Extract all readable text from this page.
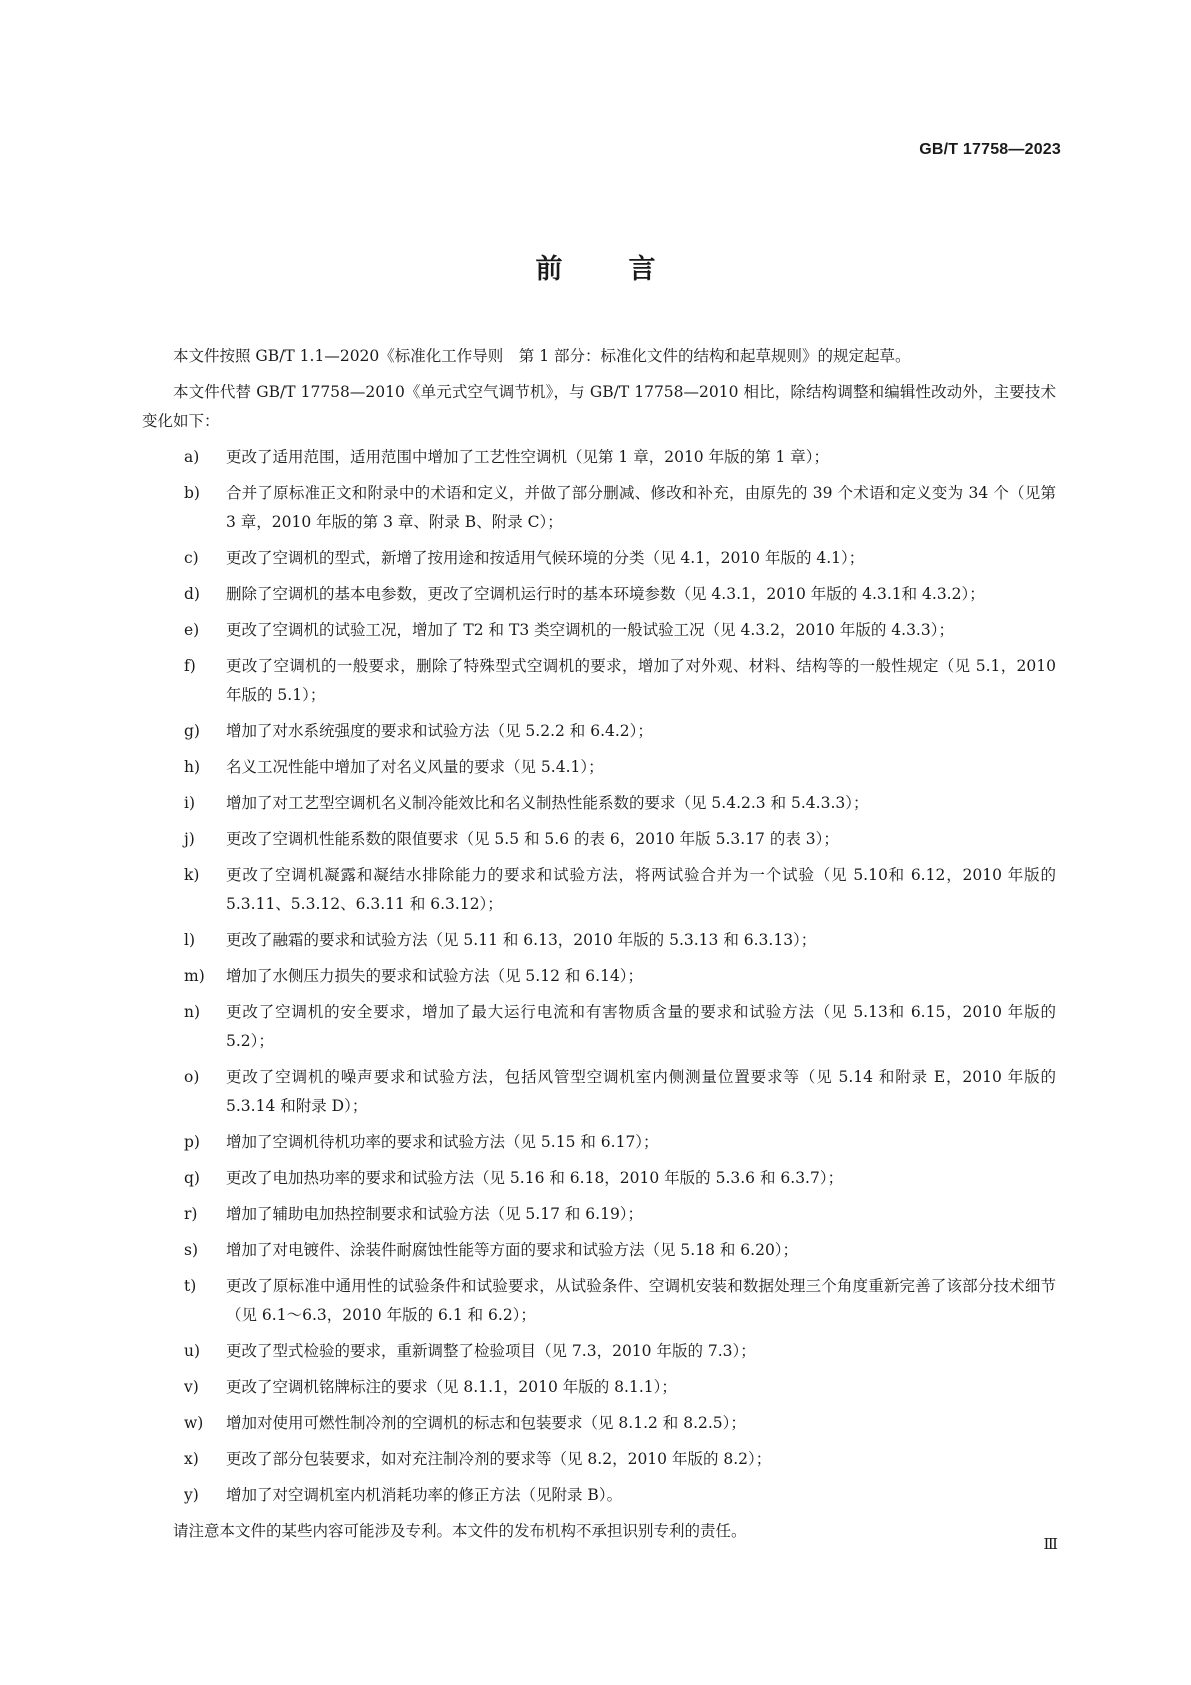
GB/T 17758—2023
前 言

本文件按照 GB/T 1.1—2020《标准化工作导则　第 1 部分：标准化文件的结构和起草规则》的规定起草。

本文件代替 GB/T 17758—2010《单元式空气调节机》，与 GB/T 17758—2010 相比，除结构调整和编辑性改动外，主要技术变化如下：

a)	更改了适用范围，适用范围中增加了工艺性空调机（见第 1 章，2010 年版的第 1 章）；
b)	合并了原标准正文和附录中的术语和定义，并做了部分删减、修改和补充，由原先的 39 个术语和定义变为 34 个（见第 3 章，2010 年版的第 3 章、附录 B、附录 C）；
c)	更改了空调机的型式，新增了按用途和按适用气候环境的分类（见 4.1，2010 年版的 4.1）；
d)	删除了空调机的基本电参数，更改了空调机运行时的基本环境参数（见 4.3.1，2010 年版的 4.3.1和 4.3.2）；
e)	更改了空调机的试验工况，增加了 T2 和 T3 类空调机的一般试验工况（见 4.3.2，2010 年版的 4.3.3）；
f)	更改了空调机的一般要求，删除了特殊型式空调机的要求，增加了对外观、材料、结构等的一般性规定（见 5.1，2010 年版的 5.1）；
g)	增加了对水系统强度的要求和试验方法（见 5.2.2 和 6.4.2）；
h)	名义工况性能中增加了对名义风量的要求（见 5.4.1）；
i)	增加了对工艺型空调机名义制冷能效比和名义制热性能系数的要求（见 5.4.2.3 和 5.4.3.3）；
j)	更改了空调机性能系数的限值要求（见 5.5 和 5.6 的表 6，2010 年版 5.3.17 的表 3）；
k)	更改了空调机凝露和凝结水排除能力的要求和试验方法，将两试验合并为一个试验（见 5.10和 6.12，2010 年版的 5.3.11、5.3.12、6.3.11 和 6.3.12）；
l)	更改了融霜的要求和试验方法（见 5.11 和 6.13，2010 年版的 5.3.13 和 6.3.13）；
m)	增加了水侧压力损失的要求和试验方法（见 5.12 和 6.14）；
n)	更改了空调机的安全要求，增加了最大运行电流和有害物质含量的要求和试验方法（见 5.13和 6.15，2010 年版的 5.2）；
o)	更改了空调机的噪声要求和试验方法，包括风管型空调机室内侧测量位置要求等（见 5.14 和附录 E，2010 年版的 5.3.14 和附录 D）；
p)	增加了空调机待机功率的要求和试验方法（见 5.15 和 6.17）；
q)	更改了电加热功率的要求和试验方法（见 5.16 和 6.18，2010 年版的 5.3.6 和 6.3.7）；
r)	增加了辅助电加热控制要求和试验方法（见 5.17 和 6.19）；
s)	增加了对电镀件、涂装件耐腐蚀性能等方面的要求和试验方法（见 5.18 和 6.20）；
t)	更改了原标准中通用性的试验条件和试验要求，从试验条件、空调机安装和数据处理三个角度重新完善了该部分技术细节（见 6.1～6.3，2010 年版的 6.1 和 6.2）；
u)	更改了型式检验的要求，重新调整了检验项目（见 7.3，2010 年版的 7.3）；
v)	更改了空调机铭牌标注的要求（见 8.1.1，2010 年版的 8.1.1）；
w)	增加对使用可燃性制冷剂的空调机的标志和包装要求（见 8.1.2 和 8.2.5）；
x)	更改了部分包装要求，如对充注制冷剂的要求等（见 8.2，2010 年版的 8.2）；
y)	增加了对空调机室内机消耗功率的修正方法（见附录 B）。

请注意本文件的某些内容可能涉及专利。本文件的发布机构不承担识别专利的责任。

Ⅲ
